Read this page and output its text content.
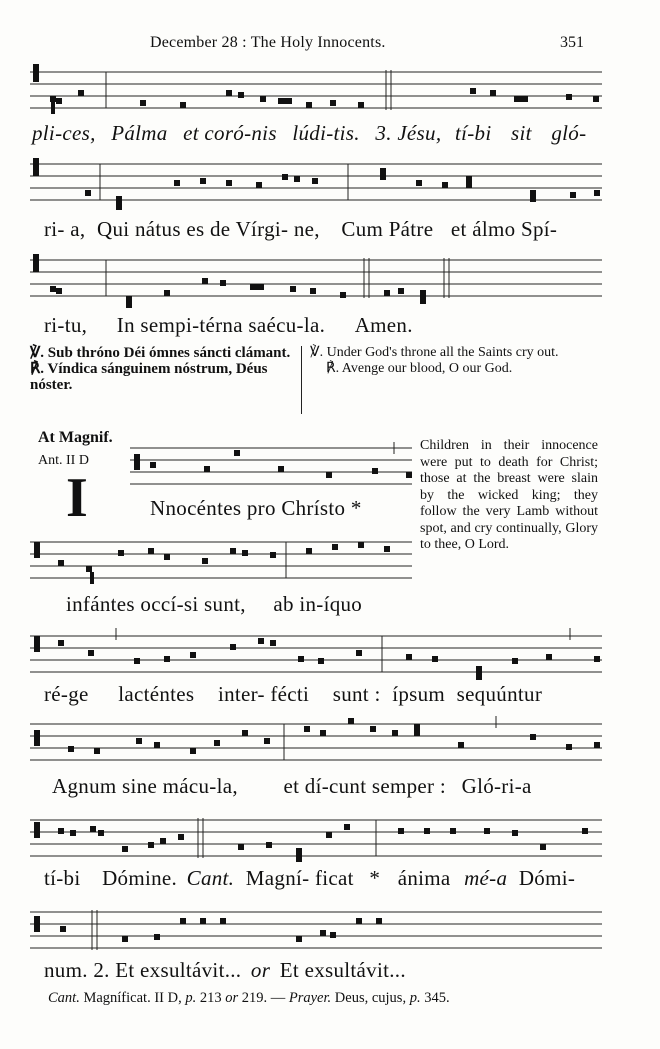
December 28 : The Holy Innocents.	351
pli-ces, Pálma et coró-nis lúdi-tis. 3. Jésu, tí-bi sit gló-
ri- a, Qui nátus es de Vírgi- ne, Cum Pátre et álmo Spí-
ri-tu, In sempi-térna saécu-la. Amen.
℣. Sub thróno Déi ómnes sáncti clámant.
℟. Víndica sánguinem nóstrum, Déus nóster.
℣. Under God's throne all the Saints cry out.
℟. Avenge our blood, O our God.
At Magnif.
Ant. II D
I	Nnocéntes pro Chrísto *
Children in their innocence were put to death for Christ; those at the breast were slain by the wicked king; they follow the very Lamb without spot, and cry continually, Glory to thee, O Lord.
infántes occí-si sunt, ab in-íquo
ré-ge lacténtes inter- fécti sunt : ípsum sequúntur
Agnum sine mácu-la, et dí-cunt semper : Gló-ri-a
tí-bi Dómine. Cant. Magní- ficat * ánima mé-a Dómi-
num. 2. Et exsultávit... or Et exsultávit...
Cant. Magníficat. II D, p. 213 or 219. — Prayer. Deus, cujus, p. 345.
